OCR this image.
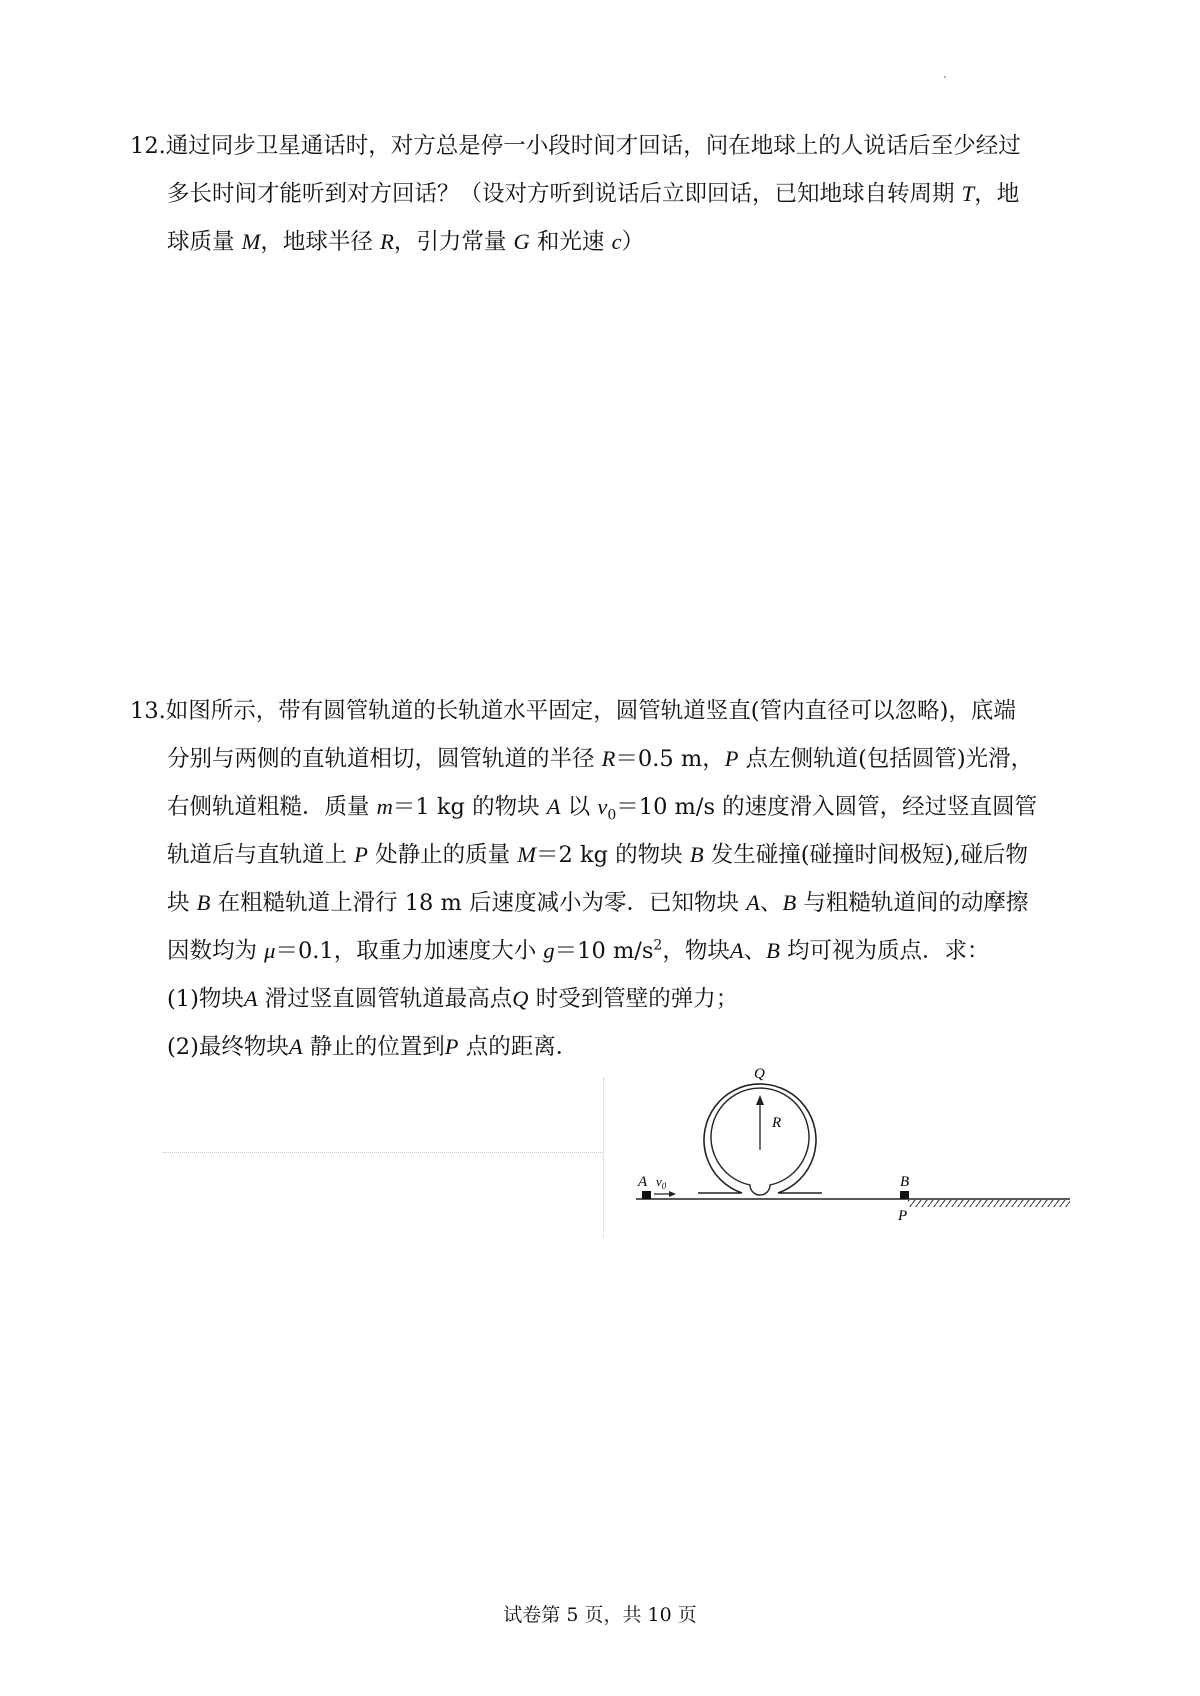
12.通过同步卫星通话时，对方总是停一小段时间才回话，问在地球上的人说话后至少经过

多长时间才能听到对方回话？（设对方听到说话后立即回话，已知地球自转周期 T，地

球质量 M，地球半径 R，引力常量 G 和光速 c）

13.如图所示，带有圆管轨道的长轨道水平固定，圆管轨道竖直(管内直径可以忽略)，底端

分别与两侧的直轨道相切，圆管轨道的半径 R＝0.5 m，P 点左侧轨道(包括圆管)光滑，

右侧轨道粗糙．质量 m＝1 kg 的物块 A 以 $v_0=10$ m/s 的速度滑入圆管，经过竖直圆管

轨道后与直轨道上 P 处静止的质量 M＝2 kg 的物块 B 发生碰撞(碰撞时间极短),碰后物

块 B 在粗糙轨道上滑行 18 m 后速度减小为零．已知物块 A、B 与粗糙轨道间的动摩擦

因数均为 μ＝0.1，取重力加速度大小 g＝10 $m/s^2$，物块A、B 均可视为质点．求：

(1)物块A 滑过竖直圆管轨道最高点Q 时受到管壁的弹力；

(2)最终物块A 静止的位置到P 点的距离．

R
Q
A $v_0$	B
P
试卷第 5 页，共 10 页
